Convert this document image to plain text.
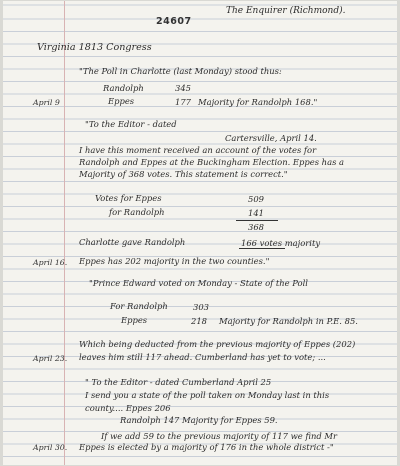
24607
The Enquirer (Richmond).
Virginia 1813 Congress
"The Poll in Charlotte (last Monday) stood thus:
Randolph	345
April 9	Eppes	177 Majority for Randolph 168."
"To the Editor - dated
Cartersville, April 14.
I have this moment received an account of the votes for
Randolph and Eppes at the Buckingham Election. Eppes has a
Majority of 368 votes. This statement is correct."
Votes for Eppes	509
for Randolph	141
368
Charlotte gave Randolph	166 votes majority
April 16. Eppes has 202 majority in the two counties."
"Prince Edward voted on Monday - State of the Poll
For Randolph	303
Eppes	218 Majority for Randolph in P.E. 85.
Which being deducted from the previous majority of Eppes (202)
April 23. leaves him still 117 ahead. Cumberland has yet to vote; ...
" To the Editor - dated Cumberland April 25
I send you a state of the poll taken on Monday last in this
county.... Eppes 206
Randolph 147 Majority for Eppes 59.
If we add 59 to the previous majority of 117 we find Mr
April 30. Eppes is elected by a majority of 176 in the whole district -"
